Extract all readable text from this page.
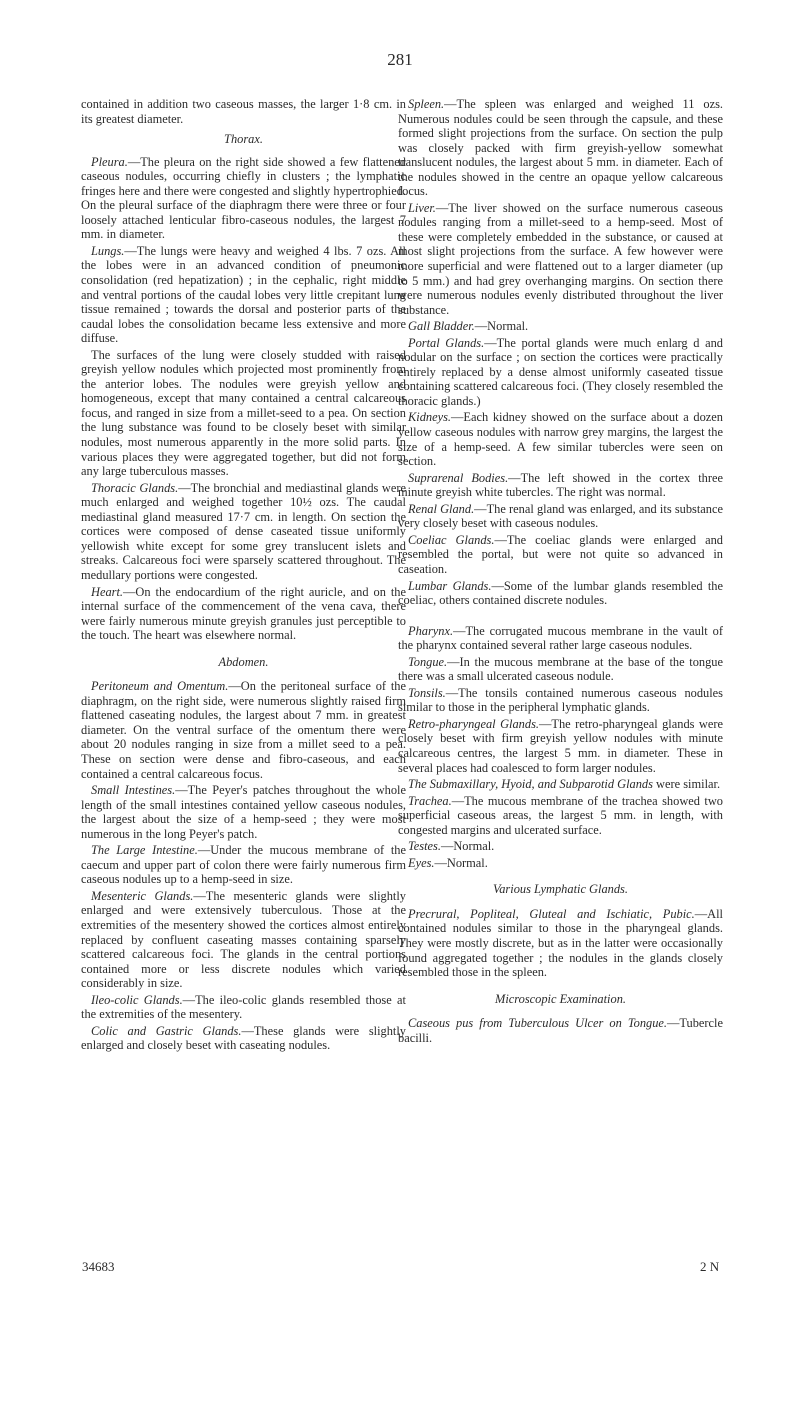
281

contained in addition two caseous masses, the larger 1·8 cm. in its greatest diameter.

Thorax.

Pleura.—The pleura on the right side showed a few flattened caseous nodules, occurring chiefly in clusters ; the lymphatic fringes here and there were congested and slightly hypertrophied. On the pleural surface of the diaphragm there were three or four loosely attached lenticular fibro-caseous nodules, the largest 7 mm. in diameter.

Lungs.—The lungs were heavy and weighed 4 lbs. 7 ozs. All the lobes were in an advanced condition of pneumonic consolidation (red hepatization) ; in the cephalic, right middle and ventral portions of the caudal lobes very little crepitant lung tissue remained ; towards the dorsal and posterior parts of the caudal lobes the consolidation became less extensive and more diffuse.

The surfaces of the lung were closely studded with raised greyish yellow nodules which projected most prominently from the anterior lobes. The nodules were greyish yellow and homogeneous, except that many contained a central calcareous focus, and ranged in size from a millet-seed to a pea. On section the lung substance was found to be closely beset with similar nodules, most numerous apparently in the more solid parts. In various places they were aggregated together, but did not form any large tuberculous masses.

Thoracic Glands.—The bronchial and mediastinal glands were much enlarged and weighed together 10½ ozs. The caudal mediastinal gland measured 17·7 cm. in length. On section the cortices were composed of dense caseated tissue uniformly yellowish white except for some grey translucent islets and streaks. Calcareous foci were sparsely scattered throughout. The medullary portions were congested.

Heart.—On the endocardium of the right auricle, and on the internal surface of the commencement of the vena cava, there were fairly numerous minute greyish granules just perceptible to the touch. The heart was elsewhere normal.

Abdomen.

Peritoneum and Omentum.—On the peritoneal surface of the diaphragm, on the right side, were numerous slightly raised firm flattened caseating nodules, the largest about 7 mm. in greatest diameter. On the ventral surface of the omentum there were about 20 nodules ranging in size from a millet seed to a pea. These on section were dense and fibro-caseous, and each contained a central calcareous focus.

Small Intestines.—The Peyer's patches throughout the whole length of the small intestines contained yellow caseous nodules, the largest about the size of a hemp-seed ; they were most numerous in the long Peyer's patch.

The Large Intestine.—Under the mucous membrane of the caecum and upper part of colon there were fairly numerous firm caseous nodules up to a hemp-seed in size.

Mesenteric Glands.—The mesenteric glands were slightly enlarged and were extensively tuberculous. Those at the extremities of the mesentery showed the cortices almost entirely replaced by confluent caseating masses containing sparsely scattered calcareous foci. The glands in the central portions contained more or less discrete nodules which varied considerably in size.

Ileo-colic Glands.—The ileo-colic glands resembled those at the extremities of the mesentery.

Colic and Gastric Glands.—These glands were slightly enlarged and closely beset with caseating nodules.

Spleen.—The spleen was enlarged and weighed 11 ozs. Numerous nodules could be seen through the capsule, and these formed slight projections from the surface. On section the pulp was closely packed with firm greyish-yellow somewhat translucent nodules, the largest about 5 mm. in diameter. Each of the nodules showed in the centre an opaque yellow calcareous focus.

Liver.—The liver showed on the surface numerous caseous nodules ranging from a millet-seed to a hemp-seed. Most of these were completely embedded in the substance, or caused at most slight projections from the surface. A few however were more superficial and were flattened out to a larger diameter (up to 5 mm.) and had grey overhanging margins. On section there were numerous nodules evenly distributed throughout the liver substance.

Gall Bladder.—Normal.

Portal Glands.—The portal glands were much enlarg d and nodular on the surface ; on section the cortices were practically entirely replaced by a dense almost uniformly caseated tissue containing scattered calcareous foci. (They closely resembled the thoracic glands.)

Kidneys.—Each kidney showed on the surface about a dozen yellow caseous nodules with narrow grey margins, the largest the size of a hemp-seed. A few similar tubercles were seen on section.

Suprarenal Bodies.—The left showed in the cortex three minute greyish white tubercles. The right was normal.

Renal Gland.—The renal gland was enlarged, and its substance very closely beset with caseous nodules.

Coeliac Glands.—The coeliac glands were enlarged and resembled the portal, but were not quite so advanced in caseation.

Lumbar Glands.—Some of the lumbar glands resembled the coeliac, others contained discrete nodules.

Pharynx.—The corrugated mucous membrane in the vault of the pharynx contained several rather large caseous nodules.

Tongue.—In the mucous membrane at the base of the tongue there was a small ulcerated caseous nodule.

Tonsils.—The tonsils contained numerous caseous nodules similar to those in the peripheral lymphatic glands.

Retro-pharyngeal Glands.—The retro-pharyngeal glands were closely beset with firm greyish yellow nodules with minute calcareous centres, the largest 5 mm. in diameter. These in several places had coalesced to form larger nodules.

The Submaxillary, Hyoid, and Subparotid Glands were similar.

Trachea.—The mucous membrane of the trachea showed two superficial caseous areas, the largest 5 mm. in length, with congested margins and ulcerated surface.

Testes.—Normal.

Eyes.—Normal.

Various Lymphatic Glands.

Precrural, Popliteal, Gluteal and Ischiatic, Pubic.—All contained nodules similar to those in the pharyngeal glands. They were mostly discrete, but as in the latter were occasionally found aggregated together ; the nodules in the glands closely resembled those in the spleen.

Microscopic Examination.

Caseous pus from Tuberculous Ulcer on Tongue.—Tubercle bacilli.

34683	2 N
